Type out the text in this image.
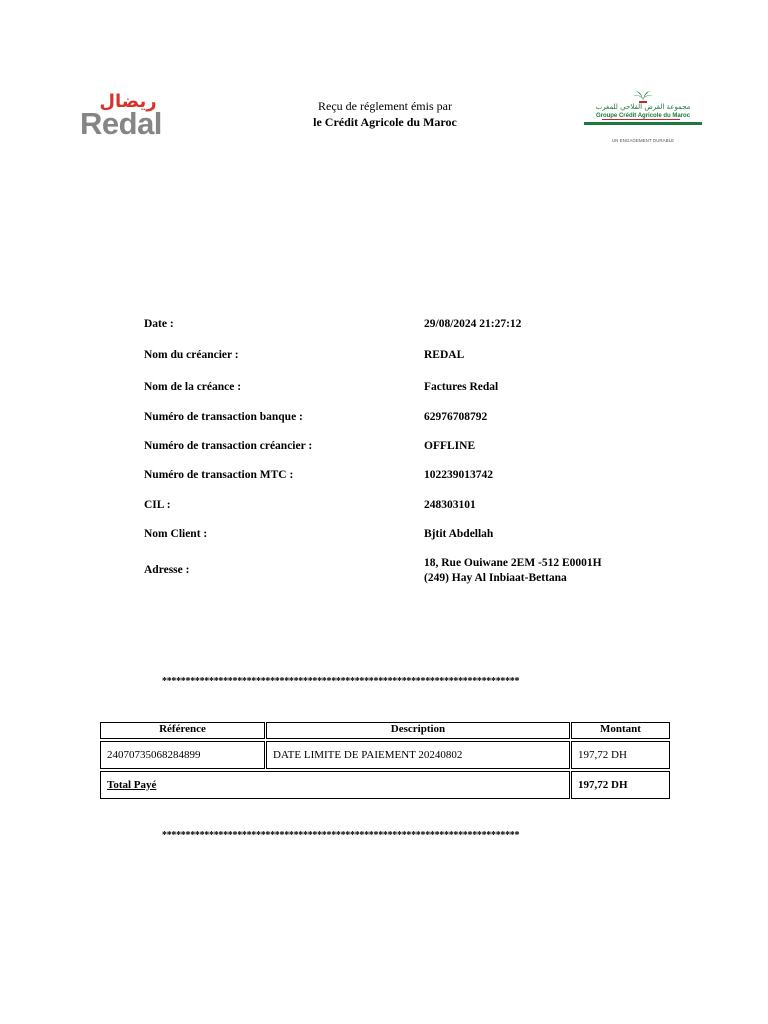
ريضال
Redal	Reçu de réglement émis par
le Crédit Agricole du Maroc
مجموعة القرض الفلاحي للمغرب
Groupe Crédit Agricole du Maroc
UN ENGAGEMENT DURABLE
Date :	29/08/2024 21:27:12
Nom du créancier :	REDAL
Nom de la créance :	Factures Redal
Numéro de transaction banque :	62976708792
Numéro de transaction créancier :	OFFLINE
Numéro de transaction MTC :	102239013742
CIL :	248303101
Nom Client :	Bjtit Abdellah
Adresse :
18, Rue Ouiwane 2EM -512 E0001H
(249) Hay Al Inbiaat-Bettana
****************************************************************************
Référence	Description	Montant
24070735068284899	DATE LIMITE DE PAIEMENT 20240802	197,72 DH
Total Payé	197,72 DH
****************************************************************************
